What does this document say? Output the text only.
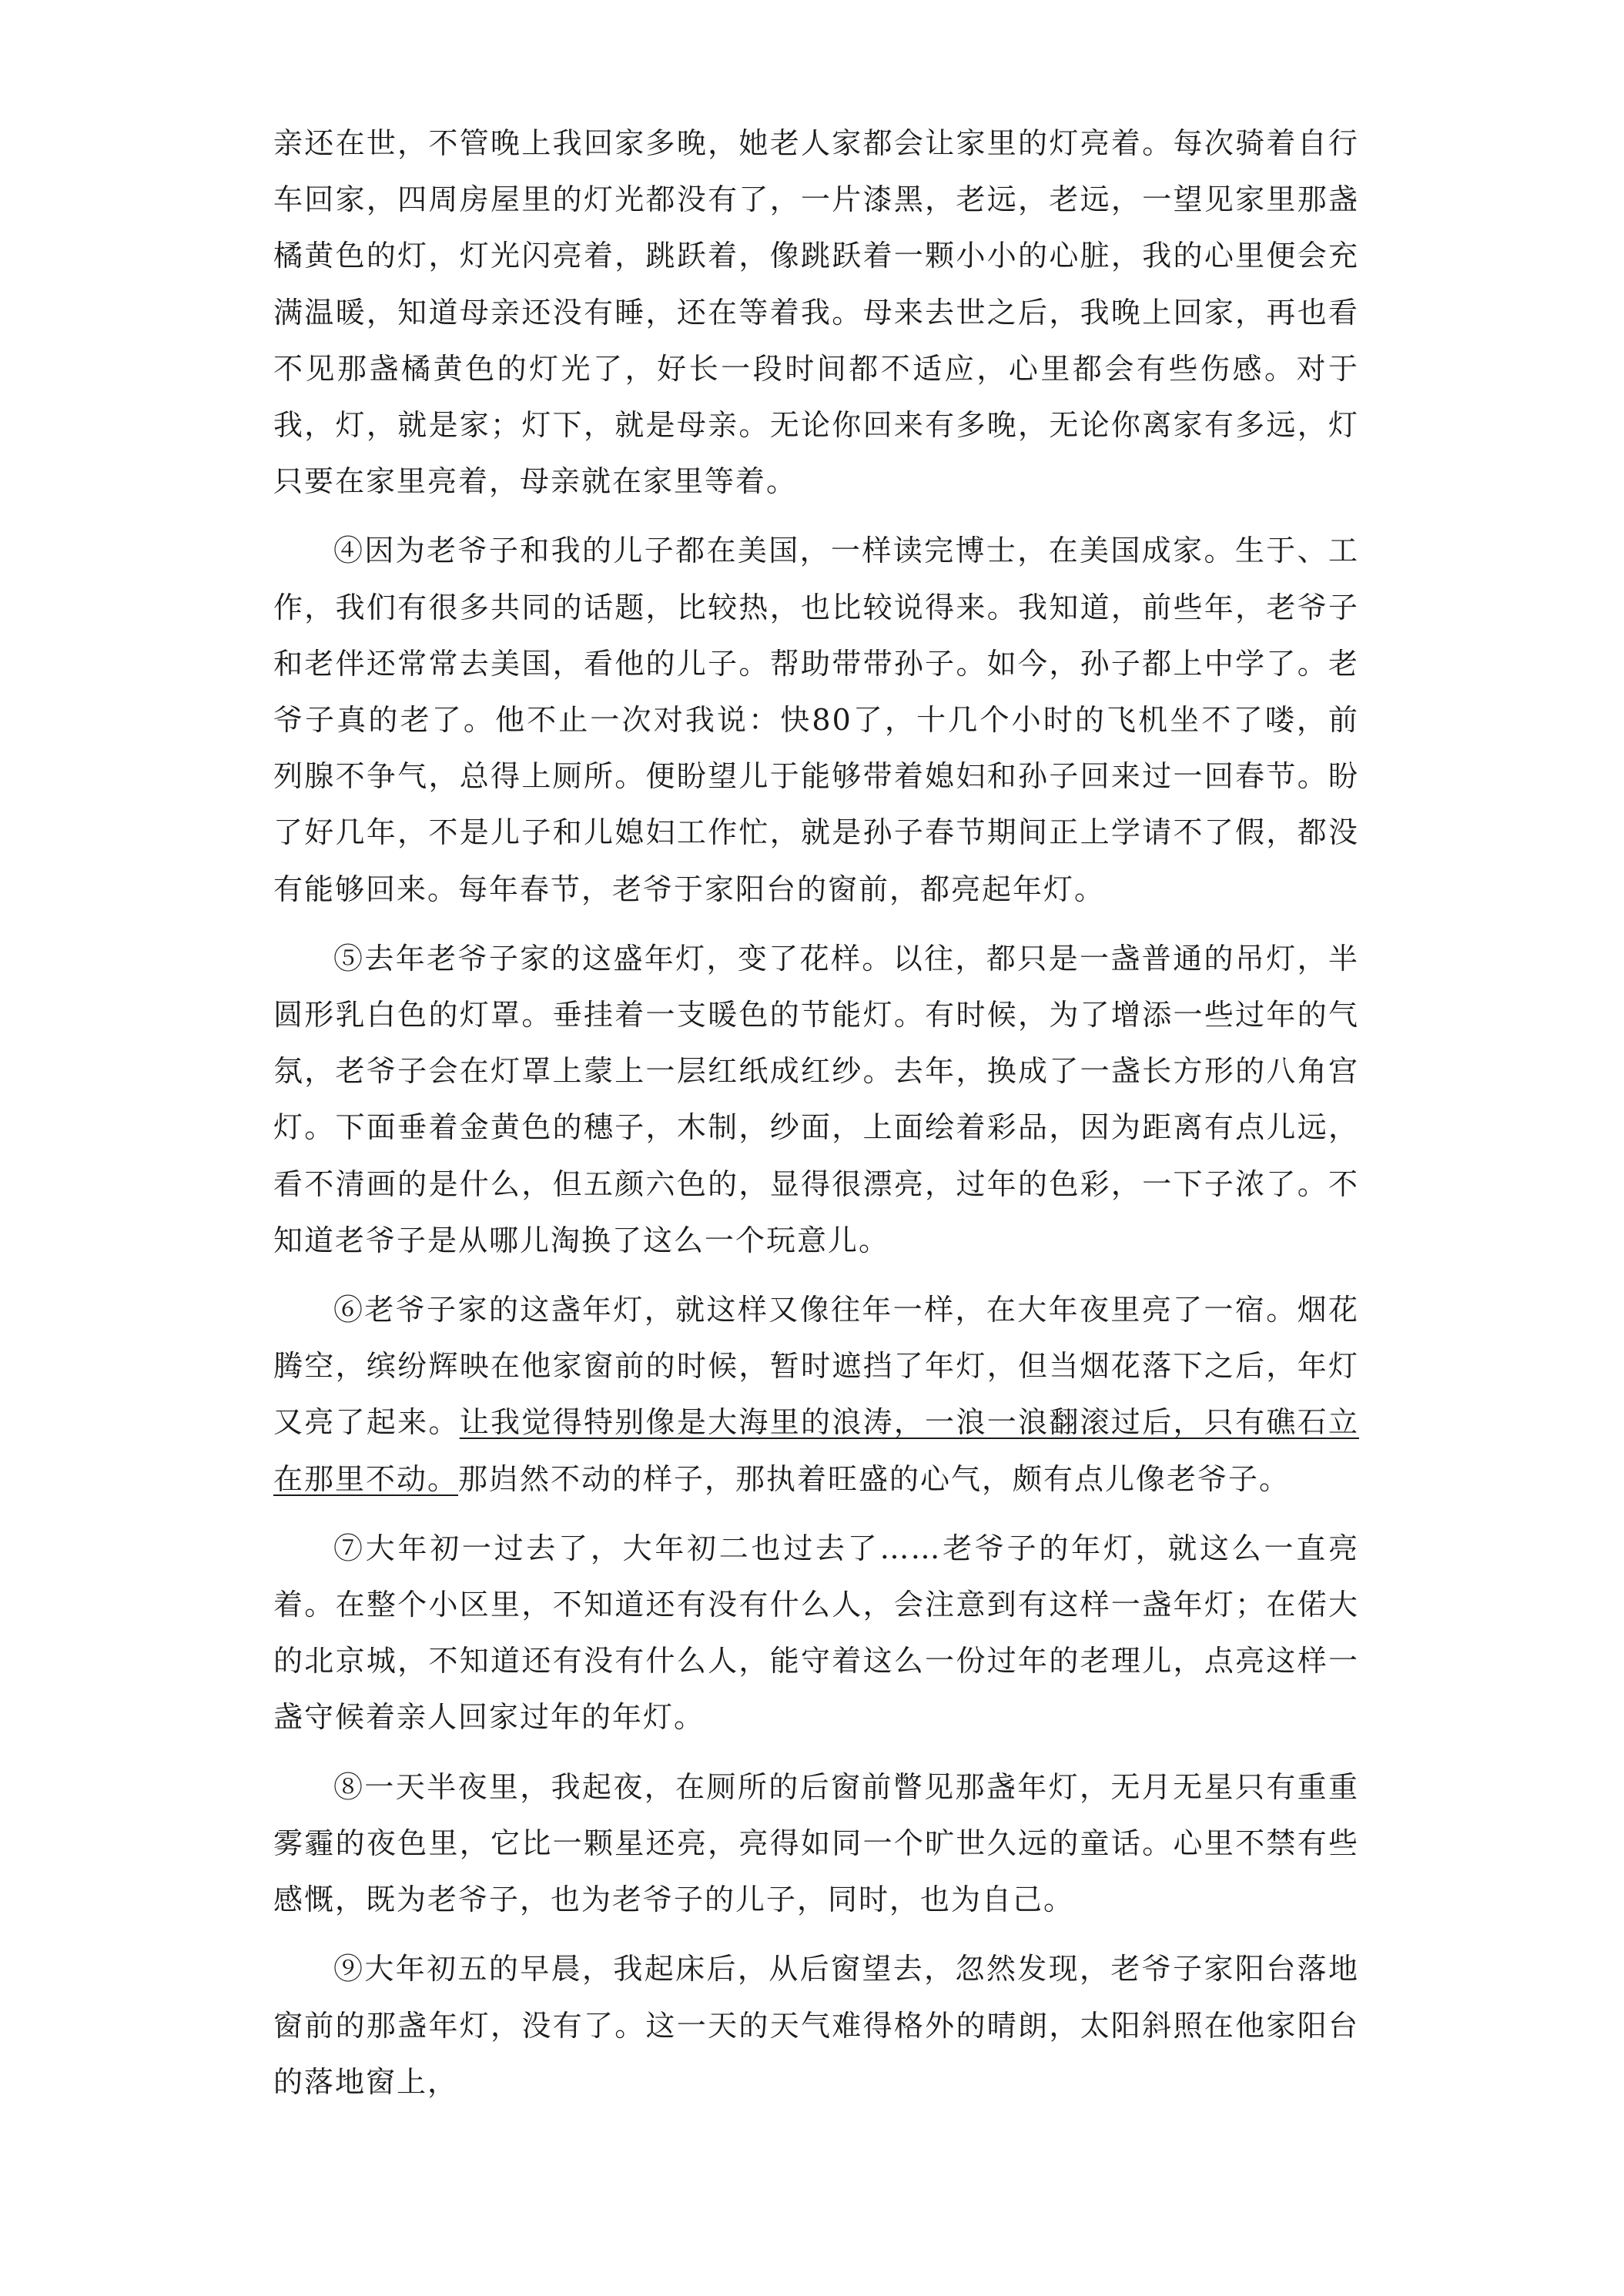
亲还在世，不管晚上我回家多晚，她老人家都会让家里的灯亮着。每次骑着自行车回家，四周房屋里的灯光都没有了，一片漆黑，老远，老远，一望见家里那盏橘黄色的灯，灯光闪亮着，跳跃着，像跳跃着一颗小小的心脏，我的心里便会充满温暖，知道母亲还没有睡，还在等着我。母来去世之后，我晚上回家，再也看不见那盏橘黄色的灯光了，好长一段时间都不适应，心里都会有些伤感。对于我，灯，就是家；灯下，就是母亲。无论你回来有多晚，无论你离家有多远，灯只要在家里亮着，母亲就在家里等着。

④因为老爷子和我的儿子都在美国，一样读完博士，在美国成家。生于、工作，我们有很多共同的话题，比较热，也比较说得来。我知道，前些年，老爷子和老伴还常常去美国，看他的儿子。帮助带带孙子。如今，孙子都上中学了。老爷子真的老了。他不止一次对我说：快80了，十几个小时的飞机坐不了喽，前列腺不争气，总得上厕所。便盼望儿于能够带着媳妇和孙子回来过一回春节。盼了好几年，不是儿子和儿媳妇工作忙，就是孙子春节期间正上学请不了假，都没有能够回来。每年春节，老爷于家阳台的窗前，都亮起年灯。

⑤去年老爷子家的这盛年灯，变了花样。以往，都只是一盏普通的吊灯，半圆形乳白色的灯罩。垂挂着一支暖色的节能灯。有时候，为了增添一些过年的气氛，老爷子会在灯罩上蒙上一层红纸成红纱。去年，换成了一盏长方形的八角宫灯。下面垂着金黄色的穗子，木制，纱面，上面绘着彩品，因为距离有点儿远，看不清画的是什么，但五颜六色的，显得很漂亮，过年的色彩，一下子浓了。不知道老爷子是从哪儿淘换了这么一个玩意儿。

⑥老爷子家的这盏年灯，就这样又像往年一样，在大年夜里亮了一宿。烟花腾空，缤纷辉映在他家窗前的时候，暂时遮挡了年灯，但当烟花落下之后，年灯又亮了起来。让我觉得特别像是大海里的浪涛，一浪一浪翻滚过后，只有礁石立在那里不动。那岿然不动的样子，那执着旺盛的心气，颇有点儿像老爷子。

⑦大年初一过去了，大年初二也过去了……老爷子的年灯，就这么一直亮着。在整个小区里，不知道还有没有什么人，会注意到有这样一盏年灯；在偌大的北京城，不知道还有没有什么人，能守着这么一份过年的老理儿，点亮这样一盏守候着亲人回家过年的年灯。

⑧一天半夜里，我起夜，在厕所的后窗前瞥见那盏年灯，无月无星只有重重雾霾的夜色里，它比一颗星还亮，亮得如同一个旷世久远的童话。心里不禁有些感慨，既为老爷子，也为老爷子的儿子，同时，也为自己。

⑨大年初五的早晨，我起床后，从后窗望去，忽然发现，老爷子家阳台落地窗前的那盏年灯，没有了。这一天的天气难得格外的晴朗，太阳斜照在他家阳台的落地窗上，
